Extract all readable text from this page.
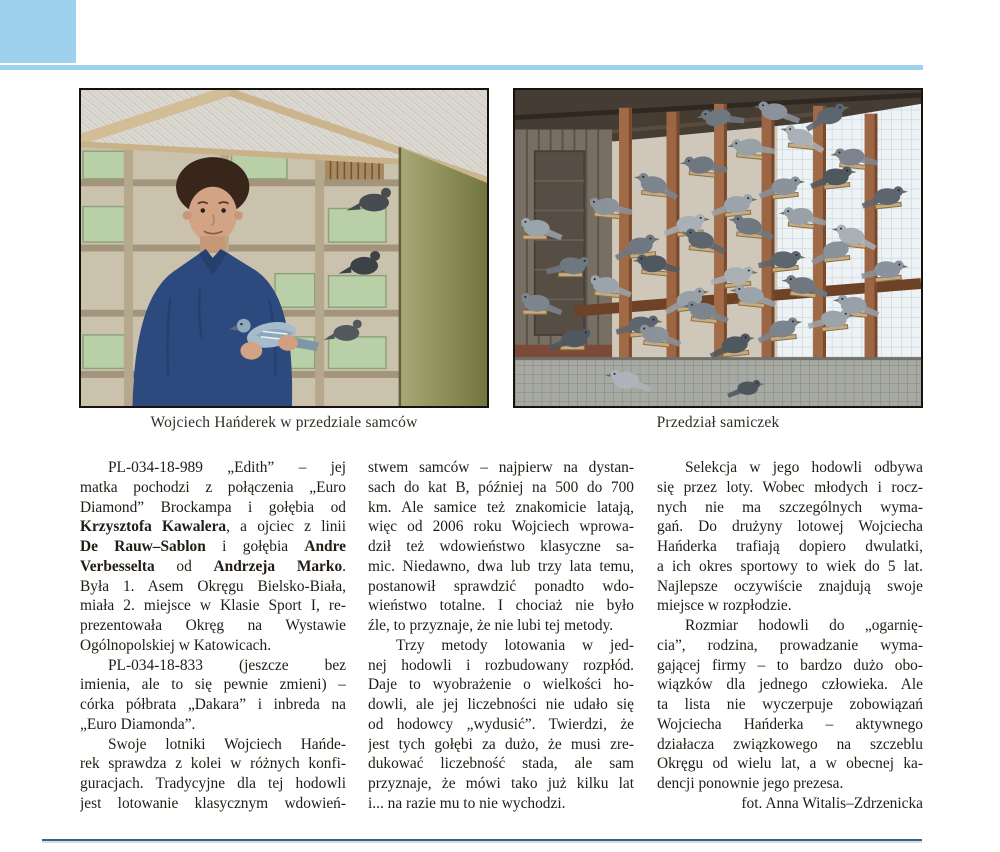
Wojciech Hańderek w przedziale samców	Przedział samiczek
PL-034-18-989 „Edith” – jej
matka pochodzi z połączenia „Euro
Diamond” Brockampa i gołębia od
Krzysztofa Kawalera, a ojciec z linii
De Rauw–Sablon i gołębia Andre
Verbesselta od Andrzeja Marko.
Była 1. Asem Okręgu Bielsko-Biała,
miała 2. miejsce w Klasie Sport I, re-
prezentowała Okręg na Wystawie
Ogólnopolskiej w Katowicach.
PL-034-18-833 (jeszcze bez
imienia, ale to się pewnie zmieni) –
córka półbrata „Dakara” i inbreda na
„Euro Diamonda”.
Swoje lotniki Wojciech Hańde-
rek sprawdza z kolei w różnych konfi-
guracjach. Tradycyjne dla tej hodowli
jest lotowanie klasycznym wdowień-
stwem samców – najpierw na dystan-
sach do kat B, później na 500 do 700
km. Ale samice też znakomicie latają,
więc od 2006 roku Wojciech wprowa-
dził też wdowieństwo klasyczne sa-
mic. Niedawno, dwa lub trzy lata temu,
postanowił sprawdzić ponadto wdo-
wieństwo totalne. I chociaż nie było
źle, to przyznaje, że nie lubi tej metody.
Trzy metody lotowania w jed-
nej hodowli i rozbudowany rozpłód.
Daje to wyobrażenie o wielkości ho-
dowli, ale jej liczebności nie udało się
od hodowcy „wydusić”. Twierdzi, że
jest tych gołębi za dużo, że musi zre-
dukować liczebność stada, ale sam
przyznaje, że mówi tako już kilku lat
i... na razie mu to nie wychodzi.
Selekcja w jego hodowli odbywa
się przez loty. Wobec młodych i rocz-
nych nie ma szczególnych wyma-
gań. Do drużyny lotowej Wojciecha
Hańderka trafiają dopiero dwulatki,
a ich okres sportowy to wiek do 5 lat.
Najlepsze oczywiście znajdują swoje
miejsce w rozpłodzie.
Rozmiar hodowli do „ogarnię-
cia”, rodzina, prowadzanie wyma-
gającej firmy – to bardzo dużo obo-
wiązków dla jednego człowieka. Ale
ta lista nie wyczerpuje zobowiązań
Wojciecha Hańderka – aktywnego
działacza związkowego na szczeblu
Okręgu od wielu lat, a w obecnej ka-
dencji ponownie jego prezesa.
fot. Anna Witalis–Zdrzenicka
